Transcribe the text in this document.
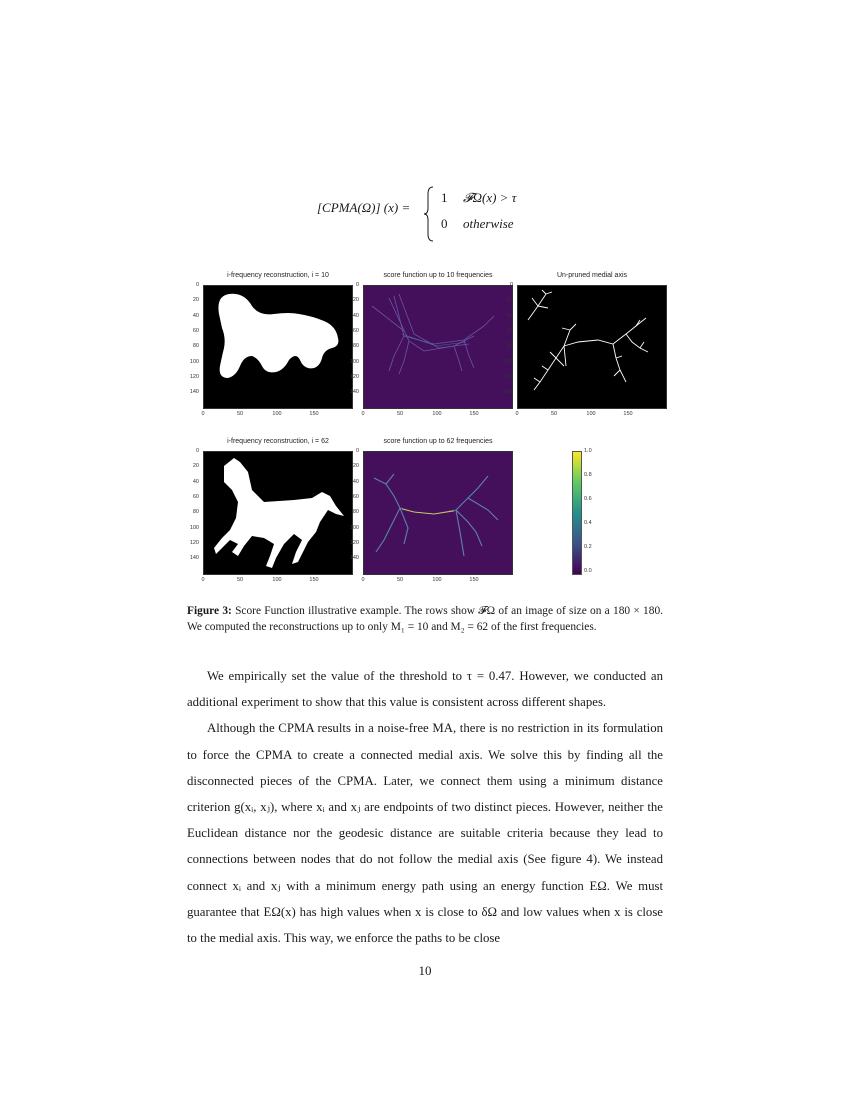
[CPMA(Ω)] (x) =
1 𝓕Ω(x) > τ
0 otherwise
i-frequency reconstruction, i = 10	score function up to 10 frequencies	Un-pruned medial axis
i-frequency reconstruction, i = 62	score function up to 62 frequencies
0
20
40
60
80
100
120
140
0	50	100	150
0
20
40
60
80
100
120
140
0	50	100	150
0
20
40
60
80
100
120
140
0	50	100	150
0
20
40
60
80
100
120
140
0	50	100	150
0
20
40
60
80
100
120
140
0	50	100	150
1.0
0.8
0.6
0.4
0.2
0.0
Figure 3: Score Function illustrative example. The rows show 𝓕Ω of an image of size on a 180 × 180. We computed the reconstructions up to only M₁ = 10 and M₂ = 62 of the first frequencies.

We empirically set the value of the threshold to τ = 0.47. However, we conducted an additional experiment to show that this value is consistent across different shapes.

Although the CPMA results in a noise-free MA, there is no restriction in its formulation to force the CPMA to create a connected medial axis. We solve this by finding all the disconnected pieces of the CPMA. Later, we connect them using a minimum distance criterion g(xᵢ, xⱼ), where xᵢ and xⱼ are endpoints of two distinct pieces. However, neither the Euclidean distance nor the geodesic distance are suitable criteria because they lead to connections between nodes that do not follow the medial axis (See figure 4). We instead connect xᵢ and xⱼ with a minimum energy path using an energy function EΩ. We must guarantee that EΩ(x) has high values when x is close to δΩ and low values when x is close to the medial axis. This way, we enforce the paths to be close

10
